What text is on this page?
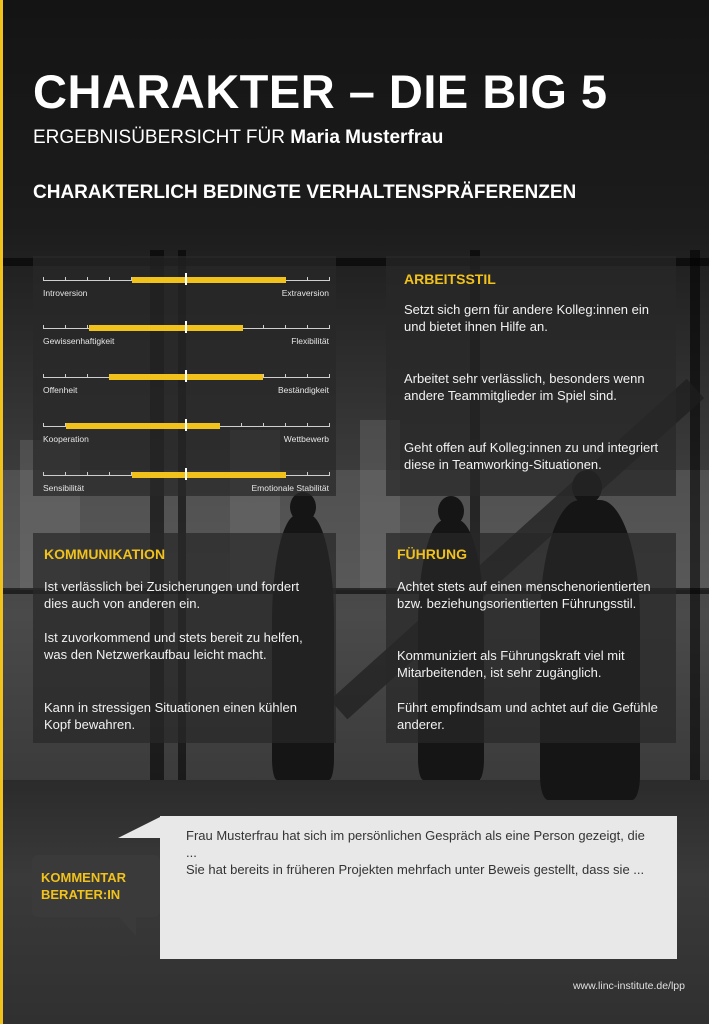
CHARAKTER – DIE BIG 5
ERGEBNISÜBERSICHT FÜR Maria Musterfrau
CHARAKTERLICH BEDINGTE VERHALTENSPRÄFERENZEN
Introversion	Extraversion
Gewissenhaftigkeit	Flexibilität
Offenheit	Beständigkeit
Kooperation	Wettbewerb
Sensibilität	Emotionale Stabilität
ARBEITSSTIL
Setzt sich gern für andere Kolleg:innen ein und bietet ihnen Hilfe an.
Arbeitet sehr verlässlich, besonders wenn andere Teammitglieder im Spiel sind.
Geht offen auf Kolleg:innen zu und integriert diese in Teamworking-Situationen.
KOMMUNIKATION
Ist verlässlich bei Zusicherungen und fordert dies auch von anderen ein.
Ist zuvorkommend und stets bereit zu helfen, was den Netzwerkaufbau leicht macht.
Kann in stressigen Situationen einen kühlen Kopf bewahren.
FÜHRUNG
Achtet stets auf einen menschenorientierten bzw. beziehungsorientierten Führungsstil.
Kommuniziert als Führungskraft viel mit Mitarbeitenden, ist sehr zugänglich.
Führt empfindsam und achtet auf die Gefühle anderer.
Frau Musterfrau hat sich im persönlichen Gespräch als eine Person gezeigt, die ...
Sie hat bereits in früheren Projekten mehrfach unter Beweis gestellt, dass sie ...
KOMMENTAR
BERATER:IN
www.linc-institute.de/lpp
